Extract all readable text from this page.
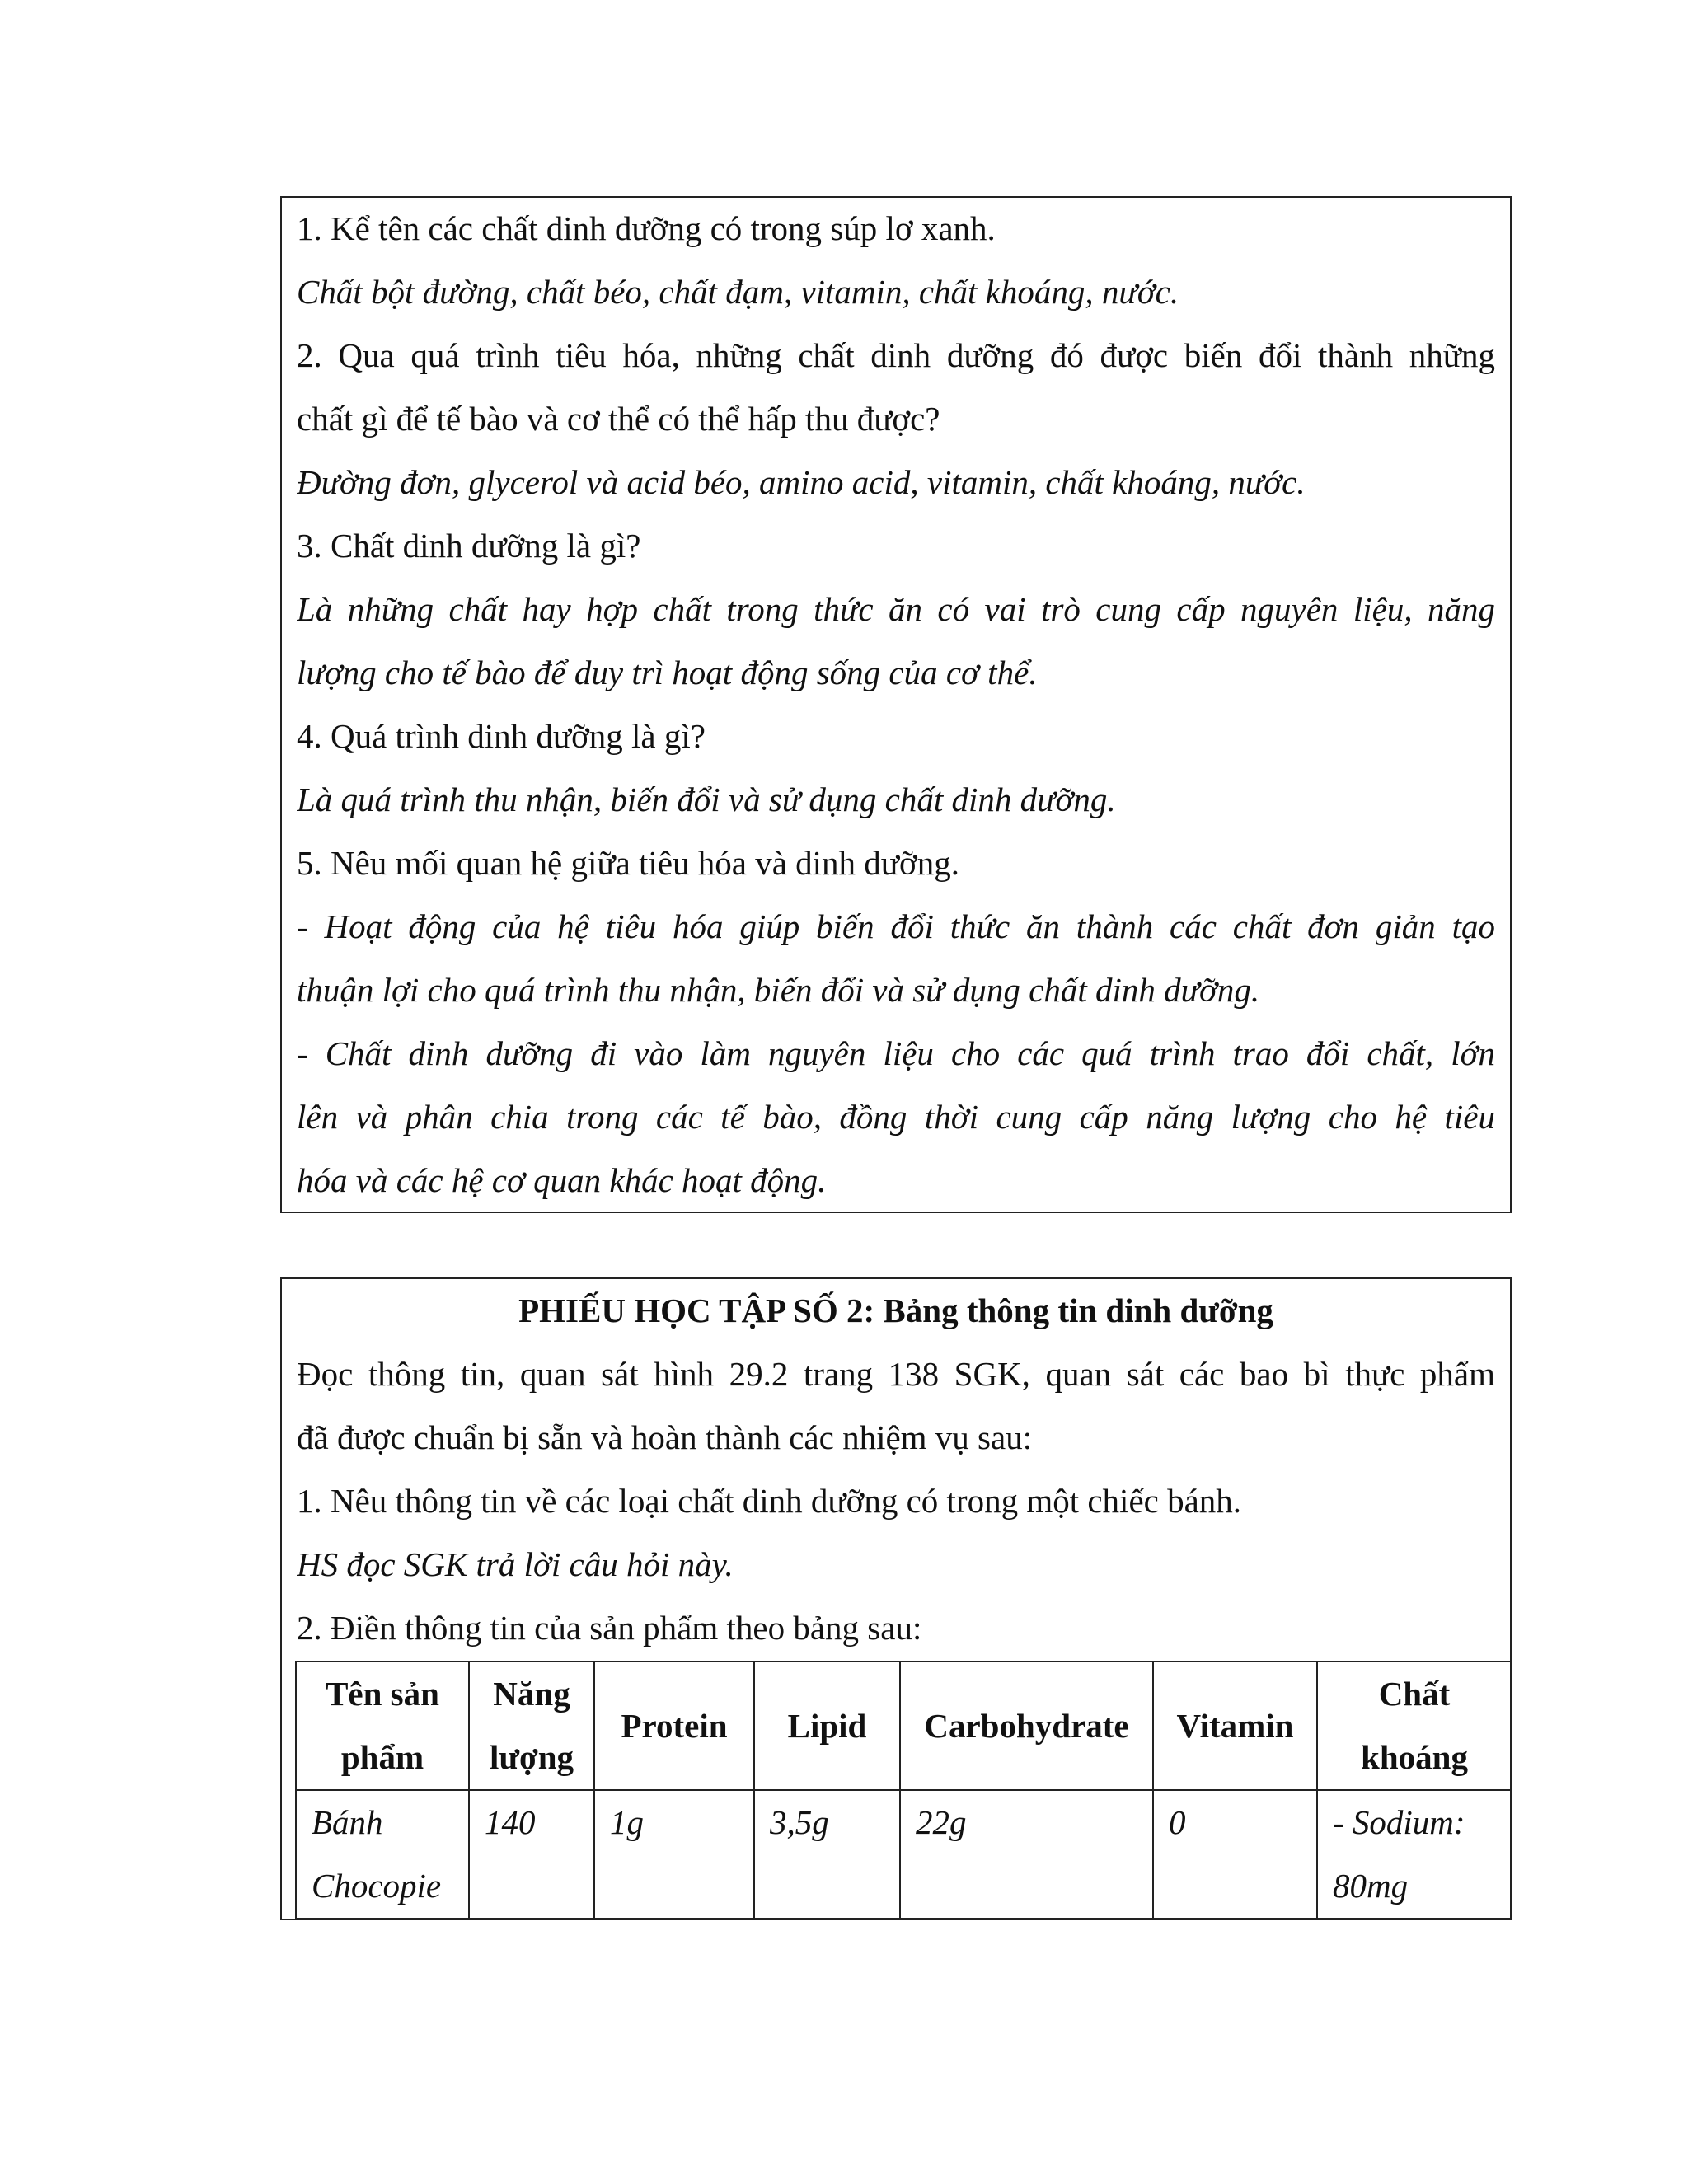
1. Kể tên các chất dinh dưỡng có trong súp lơ xanh.
Chất bột đường, chất béo, chất đạm, vitamin, chất khoáng, nước.
2. Qua quá trình tiêu hóa, những chất dinh dưỡng đó được biến đổi thành những
chất gì để tế bào và cơ thể có thể hấp thu được?
Đường đơn, glycerol và acid béo, amino acid, vitamin, chất khoáng, nước.
3. Chất dinh dưỡng là gì?
Là những chất hay hợp chất trong thức ăn có vai trò cung cấp nguyên liệu, năng
lượng cho tế bào để duy trì hoạt động sống của cơ thể.
4. Quá trình dinh dưỡng là gì?
Là quá trình thu nhận, biến đổi và sử dụng chất dinh dưỡng.
5. Nêu mối quan hệ giữa tiêu hóa và dinh dưỡng.
- Hoạt động của hệ tiêu hóa giúp biến đổi thức ăn thành các chất đơn giản tạo
thuận lợi cho quá trình thu nhận, biến đổi và sử dụng chất dinh dưỡng.
- Chất dinh dưỡng đi vào làm nguyên liệu cho các quá trình trao đổi chất, lớn
lên và phân chia trong các tế bào, đồng thời cung cấp năng lượng cho hệ tiêu
hóa và các hệ cơ quan khác hoạt động.
PHIẾU HỌC TẬP SỐ 2: Bảng thông tin dinh dưỡng
Đọc thông tin, quan sát hình 29.2 trang 138 SGK, quan sát các bao bì thực phẩm
đã được chuẩn bị sẵn và hoàn thành các nhiệm vụ sau:
1. Nêu thông tin về các loại chất dinh dưỡng có trong một chiếc bánh.
HS đọc SGK trả lời câu hỏi này.
2. Điền thông tin của sản phẩm theo bảng sau:
Tên sản phẩm	Năng lượng	Protein	Lipid	Carbohydrate	Vitamin	Chất khoáng
Bánh Chocopie	140	1g	3,5g	22g	0	- Sodium: 80mg
